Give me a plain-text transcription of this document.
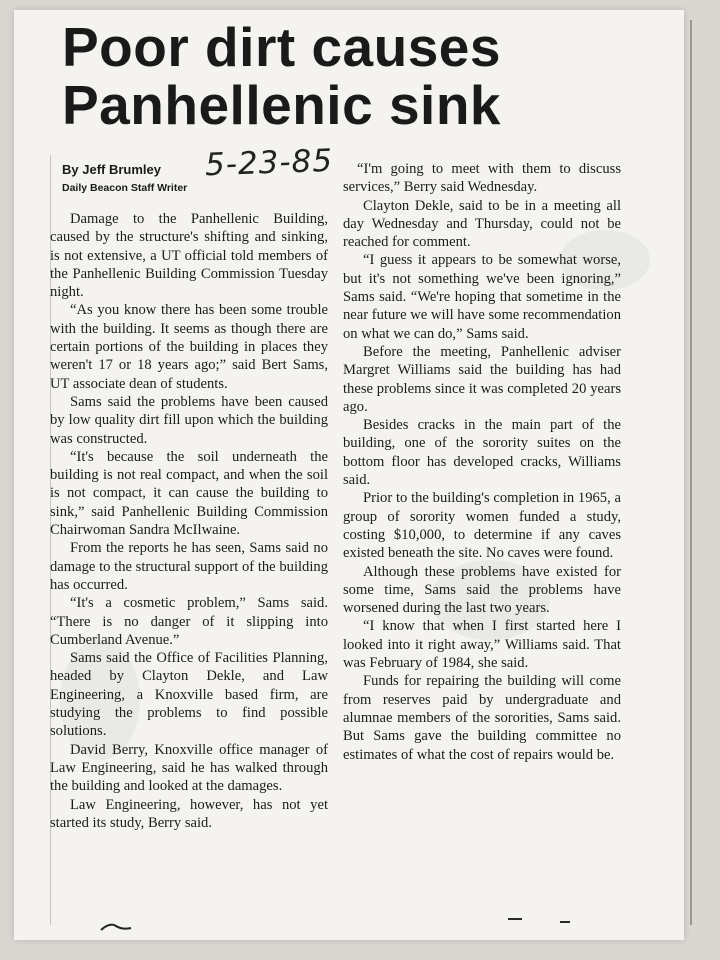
Poor dirt causes Panhellenic sink
By Jeff Brumley
Daily Beacon Staff Writer
5-23-85

Damage to the Panhellenic Building, caused by the structure's shifting and sinking, is not extensive, a UT official told members of the Panhellenic Building Commission Tuesday night.

“As you know there has been some trouble with the building. It seems as though there are certain portions of the building in places they weren't 17 or 18 years ago;” said Bert Sams, UT associate dean of students.

Sams said the problems have been caused by low quality dirt fill upon which the building was constructed.

“It's because the soil underneath the building is not real compact, and when the soil is not compact, it can cause the building to sink,” said Panhellenic Building Commission Chairwoman Sandra McIlwaine.

From the reports he has seen, Sams said no damage to the structural support of the building has occurred.

“It's a cosmetic problem,” Sams said. “There is no danger of it slipping into Cumberland Avenue.”

Sams said the Office of Facilities Planning, headed by Clayton Dekle, and Law Engineering, a Knoxville based firm, are studying the problems to find possible solutions.

David Berry, Knoxville office manager of Law Engineering, said he has walked through the building and looked at the damages.

Law Engineering, however, has not yet started its study, Berry said.

“I'm going to meet with them to discuss services,” Berry said Wednesday.

Clayton Dekle, said to be in a meeting all day Wednesday and Thursday, could not be reached for comment.

“I guess it appears to be somewhat worse, but it's not something we've been ignoring,” Sams said. “We're hoping that sometime in the near future we will have some recommendation on what we can do,” Sams said.

Before the meeting, Panhellenic adviser Margret Williams said the building has had these problems since it was completed 20 years ago.

Besides cracks in the main part of the building, one of the sorority suites on the bottom floor has developed cracks, Williams said.

Prior to the building's completion in 1965, a group of sorority women funded a study, costing $10,000, to determine if any caves existed beneath the site. No caves were found.

Although these problems have existed for some time, Sams said the problems have worsened during the last two years.

“I know that when I first started here I looked into it right away,” Williams said. That was February of 1984, she said.

Funds for repairing the building will come from reserves paid by undergraduate and alumnae members of the sororities, Sams said. But Sams gave the building committee no estimates of what the cost of repairs would be.
